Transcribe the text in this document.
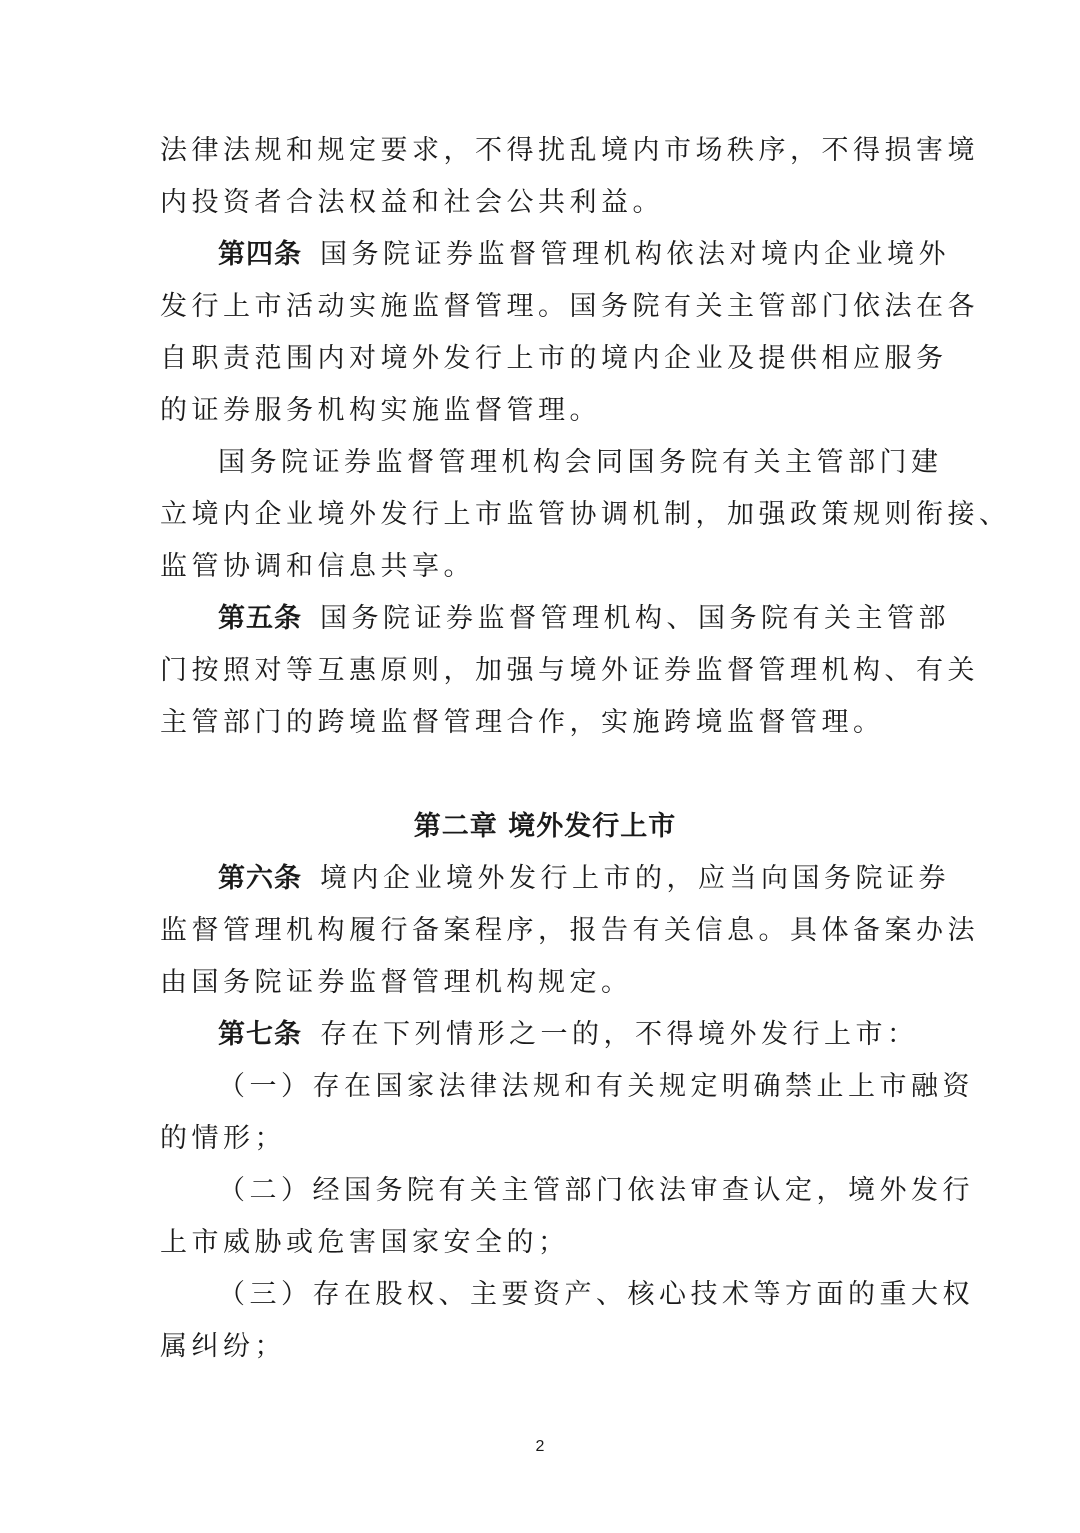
法律法规和规定要求，不得扰乱境内市场秩序，不得损害境
内投资者合法权益和社会公共利益。
第四条 国务院证券监督管理机构依法对境内企业境外
发行上市活动实施监督管理。国务院有关主管部门依法在各
自职责范围内对境外发行上市的境内企业及提供相应服务
的证券服务机构实施监督管理。
国务院证券监督管理机构会同国务院有关主管部门建
立境内企业境外发行上市监管协调机制，加强政策规则衔接、
监管协调和信息共享。
第五条 国务院证券监督管理机构、国务院有关主管部
门按照对等互惠原则，加强与境外证券监督管理机构、有关
主管部门的跨境监督管理合作，实施跨境监督管理。
第二章 境外发行上市
第六条 境内企业境外发行上市的，应当向国务院证券
监督管理机构履行备案程序，报告有关信息。具体备案办法
由国务院证券监督管理机构规定。
第七条 存在下列情形之一的，不得境外发行上市：
（一）存在国家法律法规和有关规定明确禁止上市融资
的情形；
（二）经国务院有关主管部门依法审查认定，境外发行
上市威胁或危害国家安全的；
（三）存在股权、主要资产、核心技术等方面的重大权
属纠纷；
2
